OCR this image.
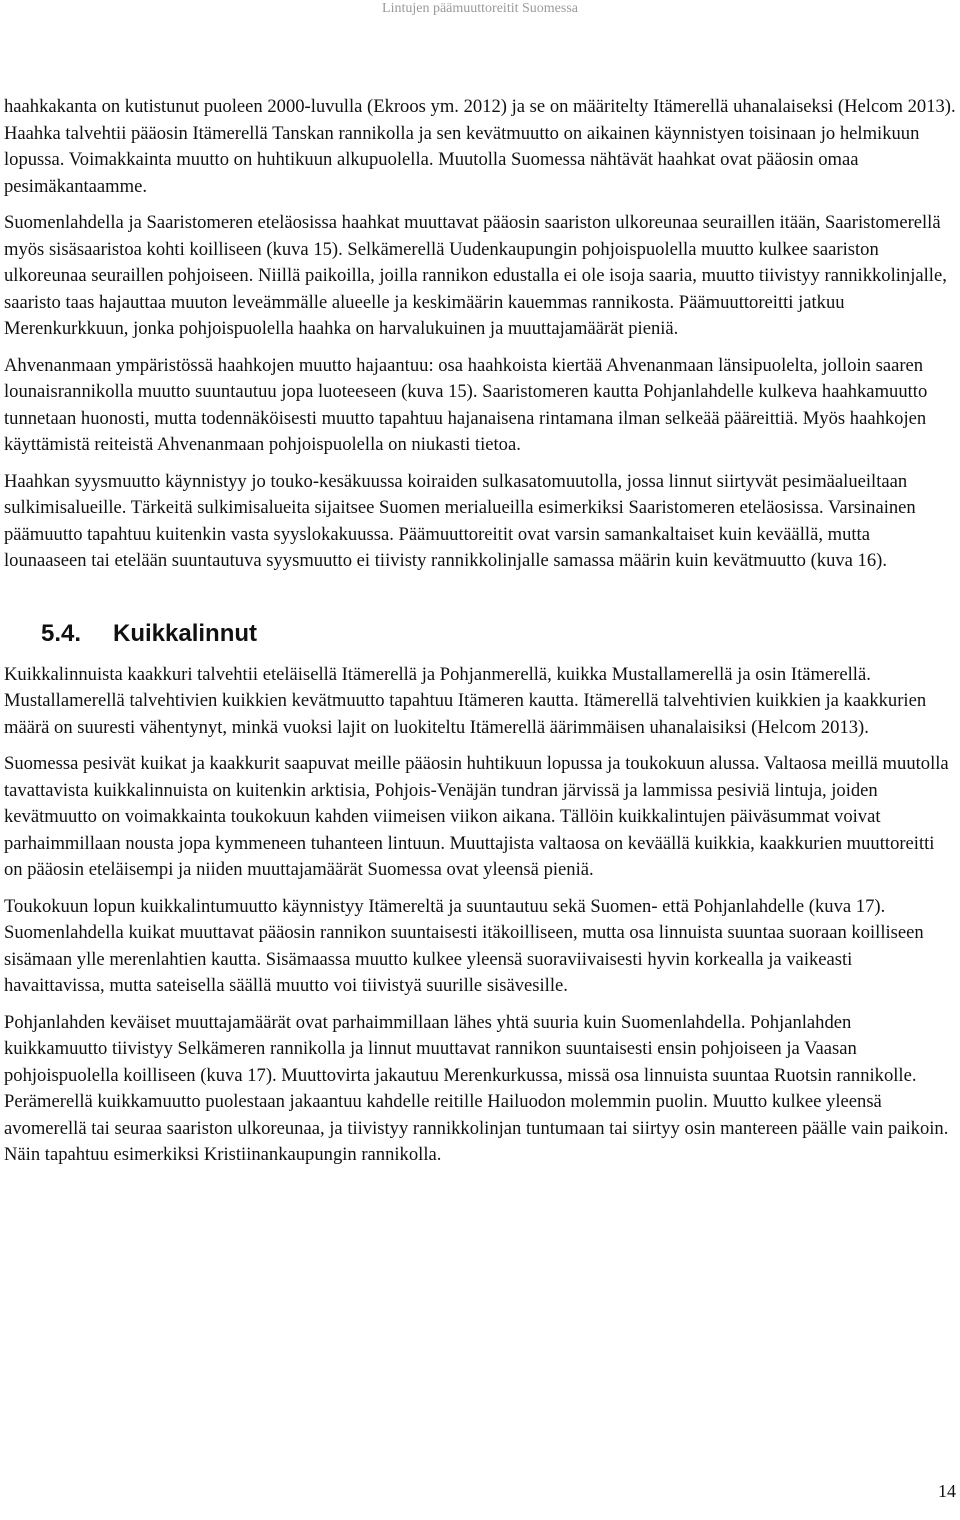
Lintujen päämuuttoreitit Suomessa

haahkakanta on kutistunut puoleen 2000-luvulla (Ekroos ym. 2012) ja se on määritelty Itämerellä uhanalaiseksi (Helcom 2013). Haahka talvehtii pääosin Itämerellä Tanskan rannikolla ja sen kevätmuutto on aikainen käynnistyen toisinaan jo helmikuun lopussa. Voimakkainta muutto on huhtikuun alkupuolella. Muutolla Suomessa nähtävät haahkat ovat pääosin omaa pesimäkantaamme.

Suomenlahdella ja Saaristomeren eteläosissa haahkat muuttavat pääosin saariston ulkoreunaa seuraillen itään, Saaristomerellä myös sisäsaaristoa kohti koilliseen (kuva 15). Selkämerellä Uudenkaupungin pohjoispuolella muutto kulkee saariston ulkoreunaa seuraillen pohjoiseen. Niillä paikoilla, joilla rannikon edustalla ei ole isoja saaria, muutto tiivistyy rannikkolinjalle, saaristo taas hajauttaa muuton leveämmälle alueelle ja keskimäärin kauemmas rannikosta. Päämuuttoreitti jatkuu Merenkurkkuun, jonka pohjoispuolella haahka on harvalukuinen ja muuttajamäärät pieniä.

Ahvenanmaan ympäristössä haahkojen muutto hajaantuu: osa haahkoista kiertää Ahvenanmaan länsipuolelta, jolloin saaren lounaisrannikolla muutto suuntautuu jopa luoteeseen (kuva 15). Saaristomeren kautta Pohjanlahdelle kulkeva haahkamuutto tunnetaan huonosti, mutta todennäköisesti muutto tapahtuu hajanaisena rintamana ilman selkeää pääreittiä. Myös haahkojen käyttämistä reiteistä Ahvenanmaan pohjoispuolella on niukasti tietoa.

Haahkan syysmuutto käynnistyy jo touko-kesäkuussa koiraiden sulkasatomuutolla, jossa linnut siirtyvät pesimäalueiltaan sulkimisalueille. Tärkeitä sulkimisalueita sijaitsee Suomen merialueilla esimerkiksi Saaristomeren eteläosissa. Varsinainen päämuutto tapahtuu kuitenkin vasta syyslokakuussa. Päämuuttoreitit ovat varsin samankaltaiset kuin keväällä, mutta lounaaseen tai etelään suuntautuva syysmuutto ei tiivisty rannikkolinjalle samassa määrin kuin kevätmuutto (kuva 16).

5.4. Kuikkalinnut

Kuikkalinnuista kaakkuri talvehtii eteläisellä Itämerellä ja Pohjanmerellä, kuikka Mustallamerellä ja osin Itämerellä. Mustallamerellä talvehtivien kuikkien kevätmuutto tapahtuu Itämeren kautta. Itämerellä talvehtivien kuikkien ja kaakkurien määrä on suuresti vähentynyt, minkä vuoksi lajit on luokiteltu Itämerellä äärimmäisen uhanalaisiksi (Helcom 2013).

Suomessa pesivät kuikat ja kaakkurit saapuvat meille pääosin huhtikuun lopussa ja toukokuun alussa. Valtaosa meillä muutolla tavattavista kuikkalinnuista on kuitenkin arktisia, Pohjois-Venäjän tundran järvissä ja lammissa pesiviä lintuja, joiden kevätmuutto on voimakkainta toukokuun kahden viimeisen viikon aikana. Tällöin kuikkalintujen päiväsummat voivat parhaimmillaan nousta jopa kymmeneen tuhanteen lintuun. Muuttajista valtaosa on keväällä kuikkia, kaakkurien muuttoreitti on pääosin eteläisempi ja niiden muuttajamäärät Suomessa ovat yleensä pieniä.

Toukokuun lopun kuikkalintumuutto käynnistyy Itämereltä ja suuntautuu sekä Suomen- että Pohjanlahdelle (kuva 17). Suomenlahdella kuikat muuttavat pääosin rannikon suuntaisesti itäkoilliseen, mutta osa linnuista suuntaa suoraan koilliseen sisämaan ylle merenlahtien kautta. Sisämaassa muutto kulkee yleensä suoraviivaisesti hyvin korkealla ja vaikeasti havaittavissa, mutta sateisella säällä muutto voi tiivistyä suurille sisävesille.

Pohjanlahden keväiset muuttajamäärät ovat parhaimmillaan lähes yhtä suuria kuin Suomenlahdella. Pohjanlahden kuikkamuutto tiivistyy Selkämeren rannikolla ja linnut muuttavat rannikon suuntaisesti ensin pohjoiseen ja Vaasan pohjoispuolella koilliseen (kuva 17). Muuttovirta jakautuu Merenkurkussa, missä osa linnuista suuntaa Ruotsin rannikolle. Perämerellä kuikkamuutto puolestaan jakaantuu kahdelle reitille Hailuodon molemmin puolin. Muutto kulkee yleensä avomerellä tai seuraa saariston ulkoreunaa, ja tiivistyy rannikkolinjan tuntumaan tai siirtyy osin mantereen päälle vain paikoin. Näin tapahtuu esimerkiksi Kristiinankaupungin rannikolla.

14
